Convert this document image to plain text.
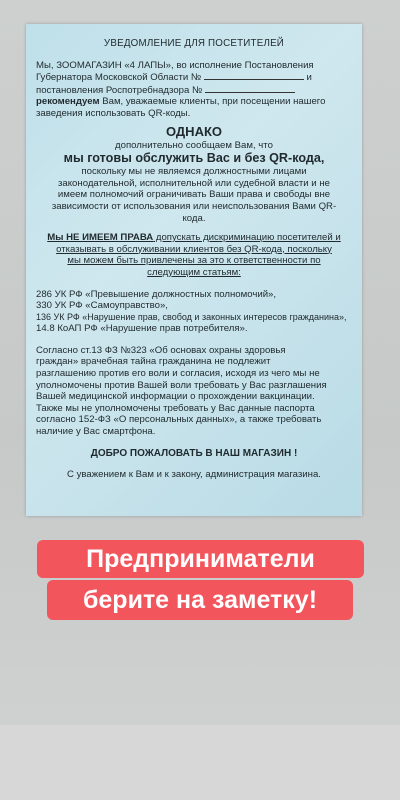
УВЕДОМЛЕНИЕ ДЛЯ ПОСЕТИТЕЛЕЙ

Мы, ЗООМАГАЗИН «4 ЛАПЫ», во исполнение Постановления

Губернатора Московской Области №	и

постановления Роспотребнадзора №

рекомендуем Вам, уважаемые клиенты, при посещении нашего

заведения использовать QR-коды.

ОДНАКО

дополнительно сообщаем Вам, что

мы готовы обслужить Вас и без QR-кода,

поскольку мы не являемся должностными лицами

законодательной, исполнительной или судебной власти и не

имеем полномочий ограничивать Ваши права и свободы вне

зависимости от использования или неиспользования Вами QR-

кода.

Мы НЕ ИМЕЕМ ПРАВА допускать дискриминацию посетителей и

отказывать в обслуживании клиентов без QR-кода, поскольку

мы можем быть привлечены за это к ответственности по

следующим статьям:

286 УК РФ «Превышение должностных полномочий»,

330 УК РФ «Самоуправство»,

136 УК РФ «Нарушение прав, свобод и законных интересов гражданина»,

14.8 КоАП РФ «Нарушение прав потребителя».

Согласно ст.13 ФЗ №323 «Об основах охраны здоровья

граждан» врачебная тайна гражданина не подлежит

разглашению против его воли и согласия, исходя из чего мы не

уполномочены против Вашей воли требовать у Вас разглашения

Вашей медицинской информации о прохождении вакцинации.

Также мы не уполномочены требовать у Вас данные паспорта

согласно 152-ФЗ «О персональных данных», а также требовать

наличие у Вас смартфона.

ДОБРО ПОЖАЛОВАТЬ В НАШ МАГАЗИН !
С уважением к Вам и к закону, администрация магазина.
Предприниматели
берите на заметку!
